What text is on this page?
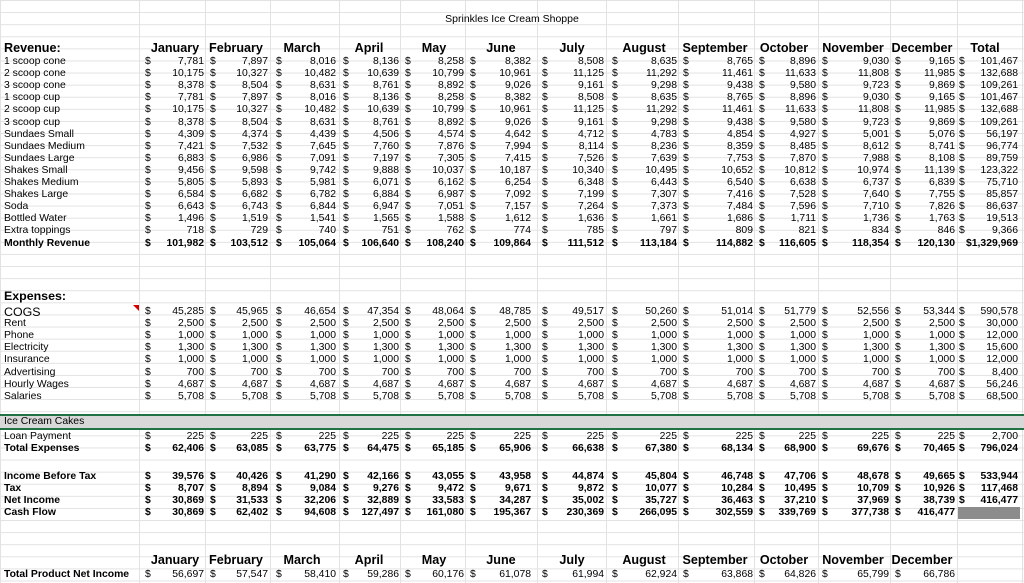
Sprinkles Ice Cream Shoppe
Revenue:	January February	March	April	May	June	July	August	September October	November December	Total
1 scoop cone	$	7,781 $	7,897 $	8,016 $	8,136 $	8,258 $	8,382 $	8,508 $	8,635 $	8,765 $	8,896 $	9,030 $	9,165 $	101,467
2 scoop cone	$	10,175 $	10,327 $	10,482 $	10,639 $	10,799 $	10,961 $	11,125 $	11,292 $	11,461 $	11,633 $	11,808 $	11,985 $	132,688
3 scoop cone	$	8,378 $	8,504 $	8,631 $	8,761 $	8,892 $	9,026 $	9,161 $	9,298 $	9,438 $	9,580 $	9,723 $	9,869 $	109,261
1 scoop cup	$	7,781 $	7,897 $	8,016 $	8,136 $	8,258 $	8,382 $	8,508 $	8,635 $	8,765 $	8,896 $	9,030 $	9,165 $	101,467
2 scoop cup	$	10,175 $	10,327 $	10,482 $	10,639 $	10,799 $	10,961 $	11,125 $	11,292 $	11,461 $	11,633 $	11,808 $	11,985 $	132,688
3 scoop cup	$	8,378 $	8,504 $	8,631 $	8,761 $	8,892 $	9,026 $	9,161 $	9,298 $	9,438 $	9,580 $	9,723 $	9,869 $	109,261
Sundaes Small	$	4,309 $	4,374 $	4,439 $	4,506 $	4,574 $	4,642 $	4,712 $	4,783 $	4,854 $	4,927 $	5,001 $	5,076 $	56,197
Sundaes Medium	$	7,421 $	7,532 $	7,645 $	7,760 $	7,876 $	7,994 $	8,114 $	8,236 $	8,359 $	8,485 $	8,612 $	8,741 $	96,774
Sundaes Large	$	6,883 $	6,986 $	7,091 $	7,197 $	7,305 $	7,415 $	7,526 $	7,639 $	7,753 $	7,870 $	7,988 $	8,108 $	89,759
Shakes Small	$	9,456 $	9,598 $	9,742 $	9,888 $	10,037 $	10,187 $	10,340 $	10,495 $	10,652 $	10,812 $	10,974 $	11,139 $	123,322
Shakes Medium	$	5,805 $	5,893 $	5,981 $	6,071 $	6,162 $	6,254 $	6,348 $	6,443 $	6,540 $	6,638 $	6,737 $	6,839 $	75,710
Shakes Large	$	6,584 $	6,682 $	6,782 $	6,884 $	6,987 $	7,092 $	7,199 $	7,307 $	7,416 $	7,528 $	7,640 $	7,755 $	85,857
Soda	$	6,643 $	6,743 $	6,844 $	6,947 $	7,051 $	7,157 $	7,264 $	7,373 $	7,484 $	7,596 $	7,710 $	7,826 $	86,637
Bottled Water	$	1,496 $	1,519 $	1,541 $	1,565 $	1,588 $	1,612 $	1,636 $	1,661 $	1,686 $	1,711 $	1,736 $	1,763 $	19,513
Extra toppings	$	718 $	729 $	740 $	751 $	762 $	774 $	785 $	797 $	809 $	821 $	834 $	846 $	9,366
Monthly Revenue	$	101,982 $	103,512 $	105,064 $	106,640 $	108,240 $	109,864 $	111,512 $	113,184 $	114,882 $	116,605 $	118,354 $	120,130	$1,329,969
Expenses:
COGS	$	45,285 $	45,965 $	46,654 $	47,354 $	48,064 $	48,785 $	49,517 $	50,260 $	51,014 $	51,779 $	52,556 $	53,344 $	590,578
Rent	$	2,500 $	2,500 $	2,500 $	2,500 $	2,500 $	2,500 $	2,500 $	2,500 $	2,500 $	2,500 $	2,500 $	2,500 $	30,000
Phone	$	1,000 $	1,000 $	1,000 $	1,000 $	1,000 $	1,000 $	1,000 $	1,000 $	1,000 $	1,000 $	1,000 $	1,000 $	12,000
Electricity	$	1,300 $	1,300 $	1,300 $	1,300 $	1,300 $	1,300 $	1,300 $	1,300 $	1,300 $	1,300 $	1,300 $	1,300 $	15,600
Insurance	$	1,000 $	1,000 $	1,000 $	1,000 $	1,000 $	1,000 $	1,000 $	1,000 $	1,000 $	1,000 $	1,000 $	1,000 $	12,000
Advertising	$	700 $	700 $	700 $	700 $	700 $	700 $	700 $	700 $	700 $	700 $	700 $	700 $	8,400
Hourly Wages	$	4,687 $	4,687 $	4,687 $	4,687 $	4,687 $	4,687 $	4,687 $	4,687 $	4,687 $	4,687 $	4,687 $	4,687 $	56,246
Salaries	$	5,708 $	5,708 $	5,708 $	5,708 $	5,708 $	5,708 $	5,708 $	5,708 $	5,708 $	5,708 $	5,708 $	5,708 $	68,500
Ice Cream Cakes
Loan Payment	$	225 $	225 $	225 $	225 $	225 $	225 $	225 $	225 $	225 $	225 $	225 $	225 $	2,700
Total Expenses	$	62,406 $	63,085 $	63,775 $	64,475 $	65,185 $	65,906 $	66,638 $	67,380 $	68,134 $	68,900 $	69,676 $	70,465 $	796,024
Income Before Tax	$	39,576 $	40,426 $	41,290 $	42,166 $	43,055 $	43,958 $	44,874 $	45,804 $	46,748 $	47,706 $	48,678 $	49,665 $	533,944
Tax	$	8,707 $	8,894 $	9,084 $	9,276 $	9,472 $	9,671 $	9,872 $	10,077 $	10,284 $	10,495 $	10,709 $	10,926 $	117,468
Net Income	$	30,869 $	31,533 $	32,206 $	32,889 $	33,583 $	34,287 $	35,002 $	35,727 $	36,463 $	37,210 $	37,969 $	38,739 $	416,477
Cash Flow	$	30,869 $	62,402 $	94,608 $	127,497 $	161,080 $	195,367 $	230,369 $	266,095 $	302,559 $	339,769 $	377,738 $	416,477
January February	March	April	May	June	July	August	September October	November December
Total Product Net Income $	56,697 $	57,547 $	58,410 $	59,286 $	60,176 $	61,078 $	61,994 $	62,924 $	63,868 $	64,826 $	65,799 $	66,786
